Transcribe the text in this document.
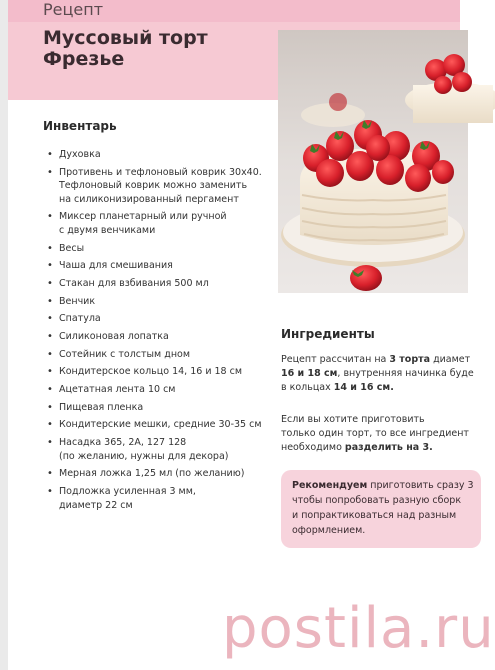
Рецепт
Муссовый торт
Фрезье
Инвентарь
• Духовка
• Противень и тефлоновый коврик 30х40.
Тефлоновый коврик можно заменить
на силиконизированный пергамент
• Миксер планетарный или ручной
с двумя венчиками
• Весы
• Чаша для смешивания
• Стакан для взбивания 500 мл
• Венчик
• Спатула
• Силиконовая лопатка
• Сотейник с толстым дном
• Кондитерское кольцо 14, 16 и 18 см
• Ацетатная лента 10 см
• Пищевая пленка
• Кондитерские мешки, средние 30-35 см
• Насадка 365, 2А, 127 128
(по желанию, нужны для декора)
• Мерная ложка 1,25 мл (по желанию)
• Подложка усиленная 3 мм,
диаметр 22 см
Ингредиенты
Рецепт рассчитан на 3 торта диамет
16 и 18 см, внутренняя начинка буде
в кольцах 14 и 16 см.
Если вы хотите приготовить
только один торт, то все ингредиент
необходимо разделить на 3.
Рекомендуем приготовить сразу 3
чтобы попробовать разную сборк
и попрактиковаться над разным
оформлением.
postila.ru
